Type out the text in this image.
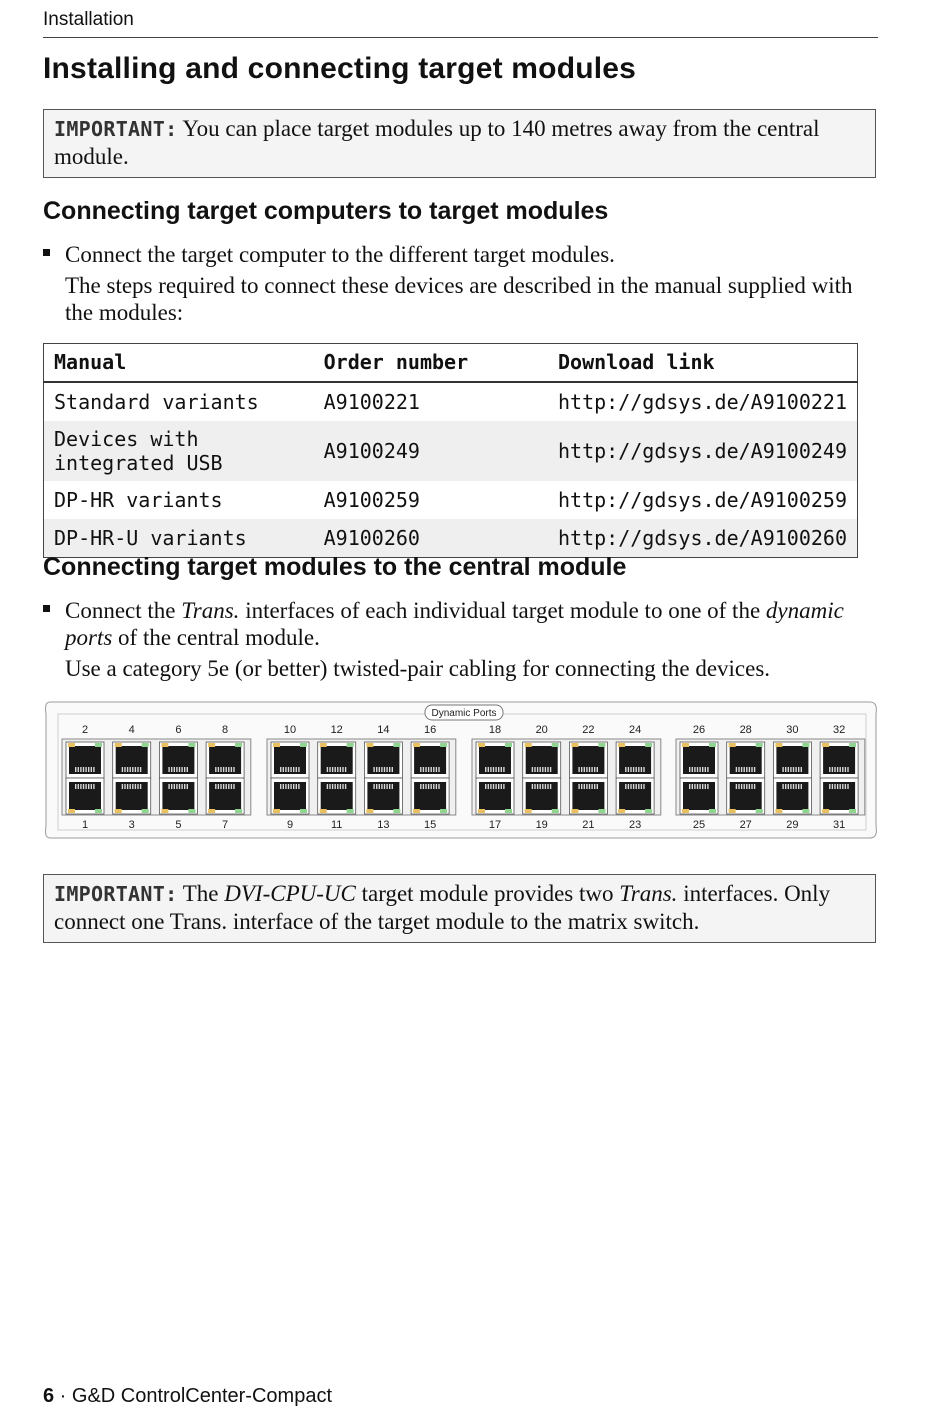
Installation
Installing and connecting target modules
IMPORTANT: You can place target modules up to 140 metres away from the central module.
Connecting target computers to target modules
Connect the target computer to the different target modules.
The steps required to connect these devices are described in the manual supplied with the modules:
Manual	Order number	Download link
Standard variants	A9100221	http://gdsys.de/A9100221
Devices with integrated USB	A9100249	http://gdsys.de/A9100249
DP-HR variants	A9100259	http://gdsys.de/A9100259
DP-HR-U variants	A9100260	http://gdsys.de/A9100260
Connecting target modules to the central module
Connect the Trans. interfaces of each individual target module to one of the dynamic ports of the central module.
Use a category 5e (or better) twisted-pair cabling for connecting the devices.
Dynamic Ports
2
1
4
3
6
5
8
7
10
9
12
11
14
13
16
15
18
17
20
19
22
21
24
23
26
25
28
27
30
29
32
31
IMPORTANT: The DVI-CPU-UC target module provides two Trans. interfaces. Only connect one Trans. interface of the target module to the matrix switch.
6 · G&D ControlCenter-Compact
